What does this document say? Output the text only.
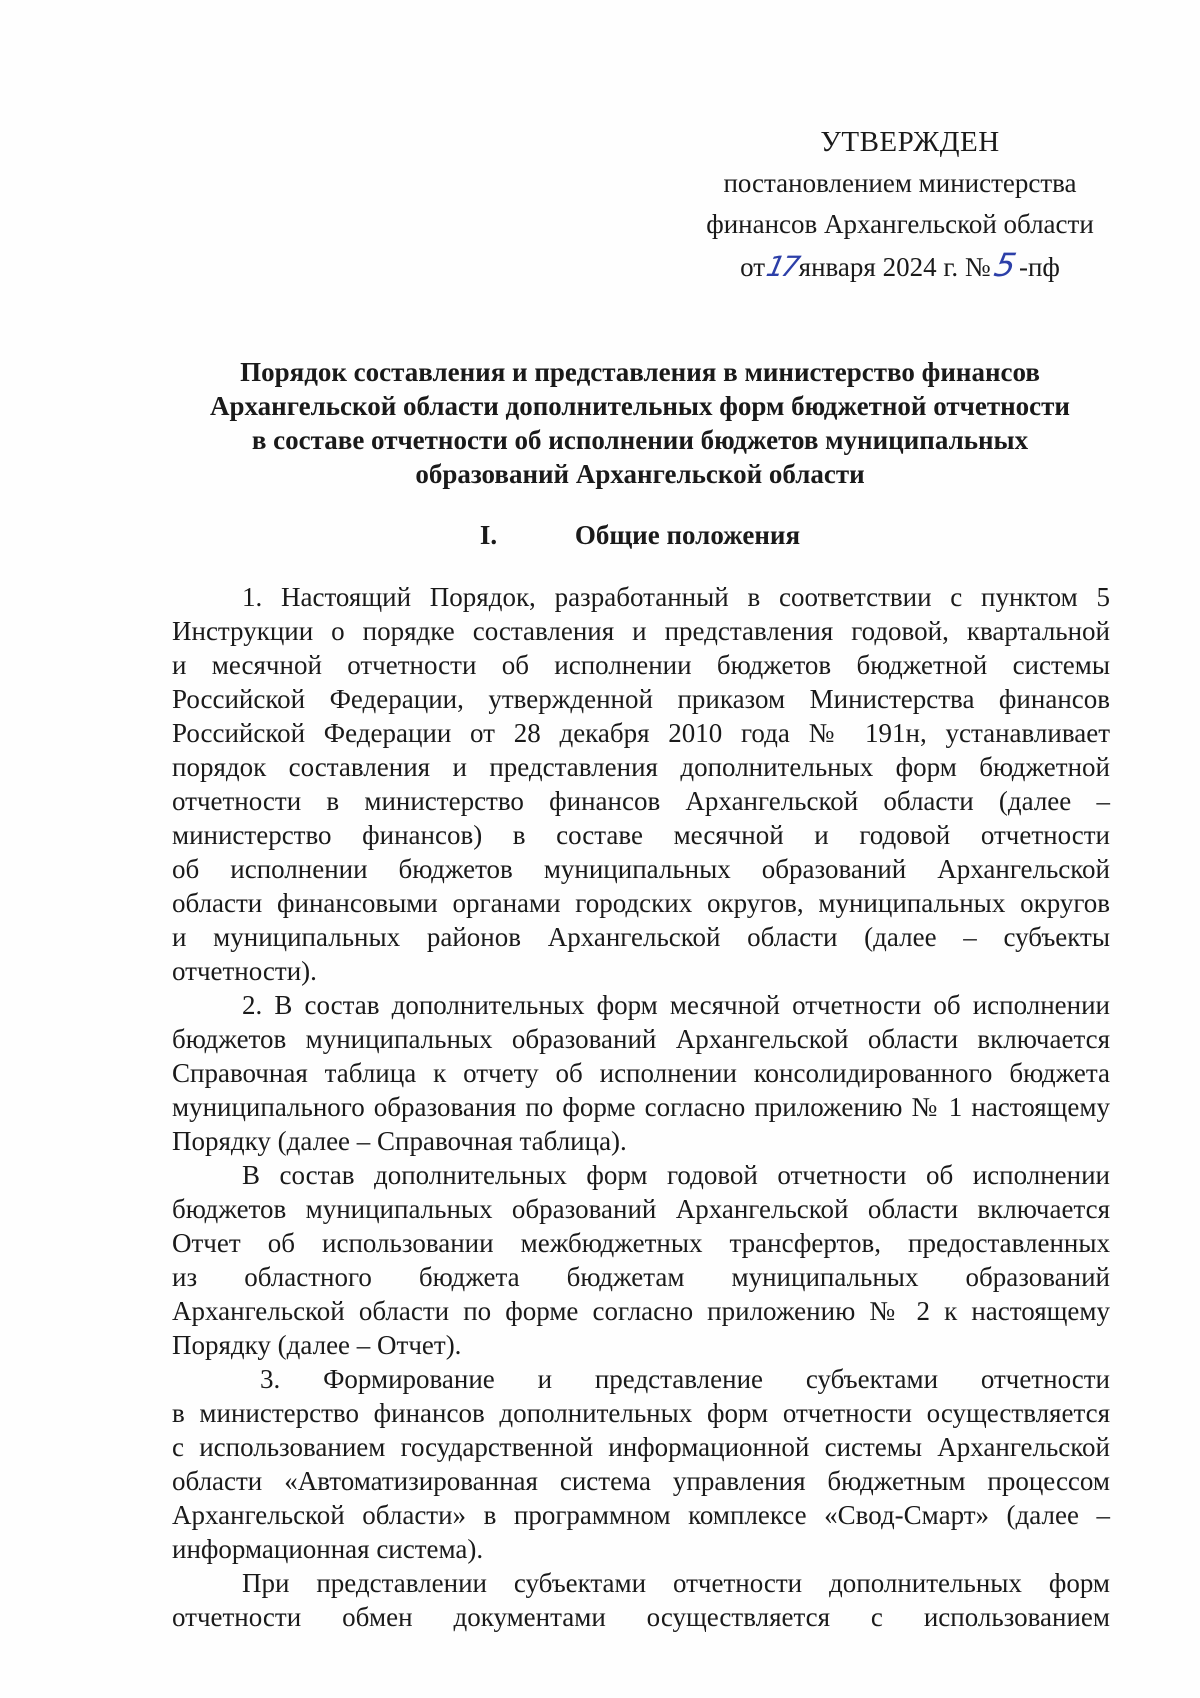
УТВЕРЖДЕН
постановлением министерства
финансов Архангельской области
от17января 2024 г. №5-пф
Порядок составления и представления в министерство финансов
Архангельской области дополнительных форм бюджетной отчетности
в составе отчетности об исполнении бюджетов муниципальных
образований Архангельской области
I.	Общие положения
1. Настоящий Порядок, разработанный в соответствии с пунктом 5
Инструкции о порядке составления и представления годовой, квартальной
и месячной отчетности об исполнении бюджетов бюджетной системы
Российской Федерации, утвержденной приказом Министерства финансов
Российской Федерации от 28 декабря 2010 года № 191н, устанавливает
порядок составления и представления дополнительных форм бюджетной
отчетности в министерство финансов Архангельской области (далее –
министерство финансов) в составе месячной и годовой отчетности
об исполнении бюджетов муниципальных образований Архангельской
области финансовыми органами городских округов, муниципальных округов
и муниципальных районов Архангельской области (далее – субъекты
отчетности).
2. В состав дополнительных форм месячной отчетности об исполнении
бюджетов муниципальных образований Архангельской области включается
Справочная таблица к отчету об исполнении консолидированного бюджета
муниципального образования по форме согласно приложению № 1 настоящему
Порядку (далее – Справочная таблица).
В состав дополнительных форм годовой отчетности об исполнении
бюджетов муниципальных образований Архангельской области включается
Отчет об использовании межбюджетных трансфертов, предоставленных
из областного бюджета бюджетам муниципальных образований
Архангельской области по форме согласно приложению № 2 к настоящему
Порядку (далее – Отчет).
3. Формирование и представление субъектами отчетности
в министерство финансов дополнительных форм отчетности осуществляется
с использованием государственной информационной системы Архангельской
области «Автоматизированная система управления бюджетным процессом
Архангельской области» в программном комплексе «Свод-Смарт» (далее –
информационная система).
При представлении субъектами отчетности дополнительных форм
отчетности обмен документами осуществляется с использованием
